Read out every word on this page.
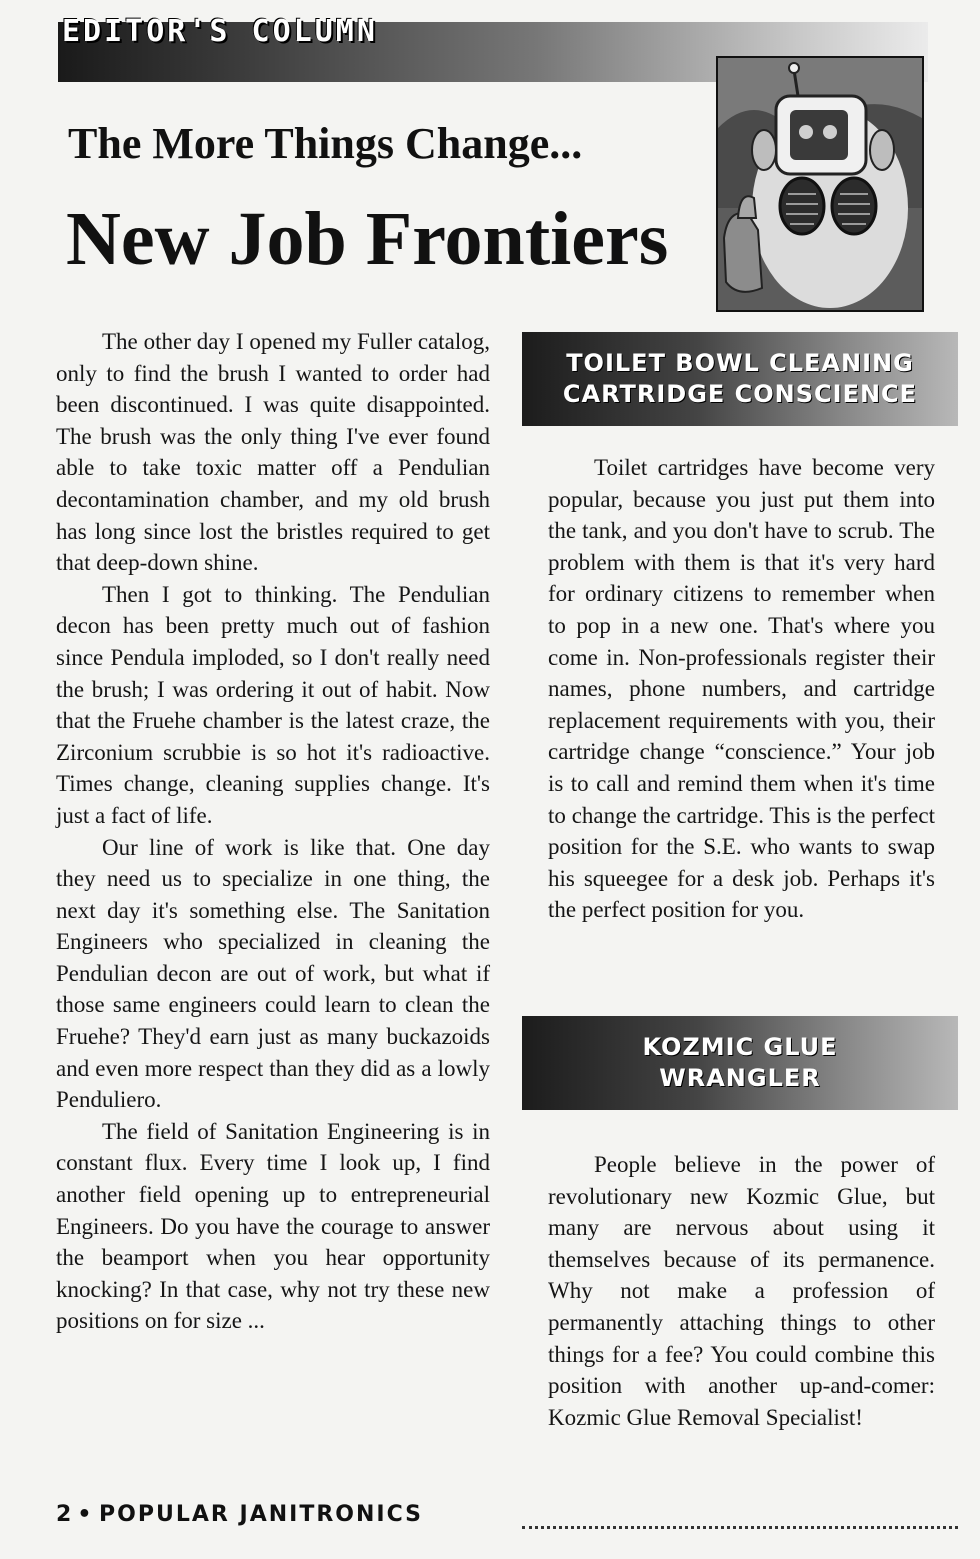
EDITOR'S COLUMN
The More Things Change...
New Job Frontiers

The other day I opened my Fuller catalog, only to find the brush I wanted to order had been discontinued. I was quite disappointed. The brush was the only thing I've ever found able to take toxic matter off a Pendulian decontamination chamber, and my old brush has long since lost the bristles required to get that deep-down shine.

Then I got to thinking. The Pendulian decon has been pretty much out of fashion since Pendula imploded, so I don't really need the brush; I was ordering it out of habit. Now that the Fruehe chamber is the latest craze, the Zirconium scrubbie is so hot it's radioactive. Times change, cleaning supplies change. It's just a fact of life.

Our line of work is like that. One day they need us to specialize in one thing, the next day it's something else. The Sanitation Engineers who specialized in cleaning the Pendulian decon are out of work, but what if those same engineers could learn to clean the Fruehe? They'd earn just as many buckazoids and even more respect than they did as a lowly Penduliero.

The field of Sanitation Engineering is in constant flux. Every time I look up, I find another field opening up to entrepreneurial Engineers. Do you have the courage to answer the beamport when you hear opportunity knocking? In that case, why not try these new positions on for size ...

TOILET BOWL CLEANING
CARTRIDGE CONSCIENCE

Toilet cartridges have become very popular, because you just put them into the tank, and you don't have to scrub. The problem with them is that it's very hard for ordinary citizens to remember when to pop in a new one. That's where you come in. Non-professionals register their names, phone numbers, and cartridge replacement requirements with you, their cartridge change “conscience.” Your job is to call and remind them when it's time to change the cartridge. This is the perfect position for the S.E. who wants to swap his squeegee for a desk job. Perhaps it's the perfect position for you.

KOZMIC GLUE
WRANGLER

People believe in the power of revolutionary new Kozmic Glue, but many are nervous about using it themselves because of its permanence. Why not make a profession of permanently attaching things to other things for a fee? You could combine this position with another up-and-comer: Kozmic Glue Removal Specialist!

2 • POPULAR JANITRONICS
